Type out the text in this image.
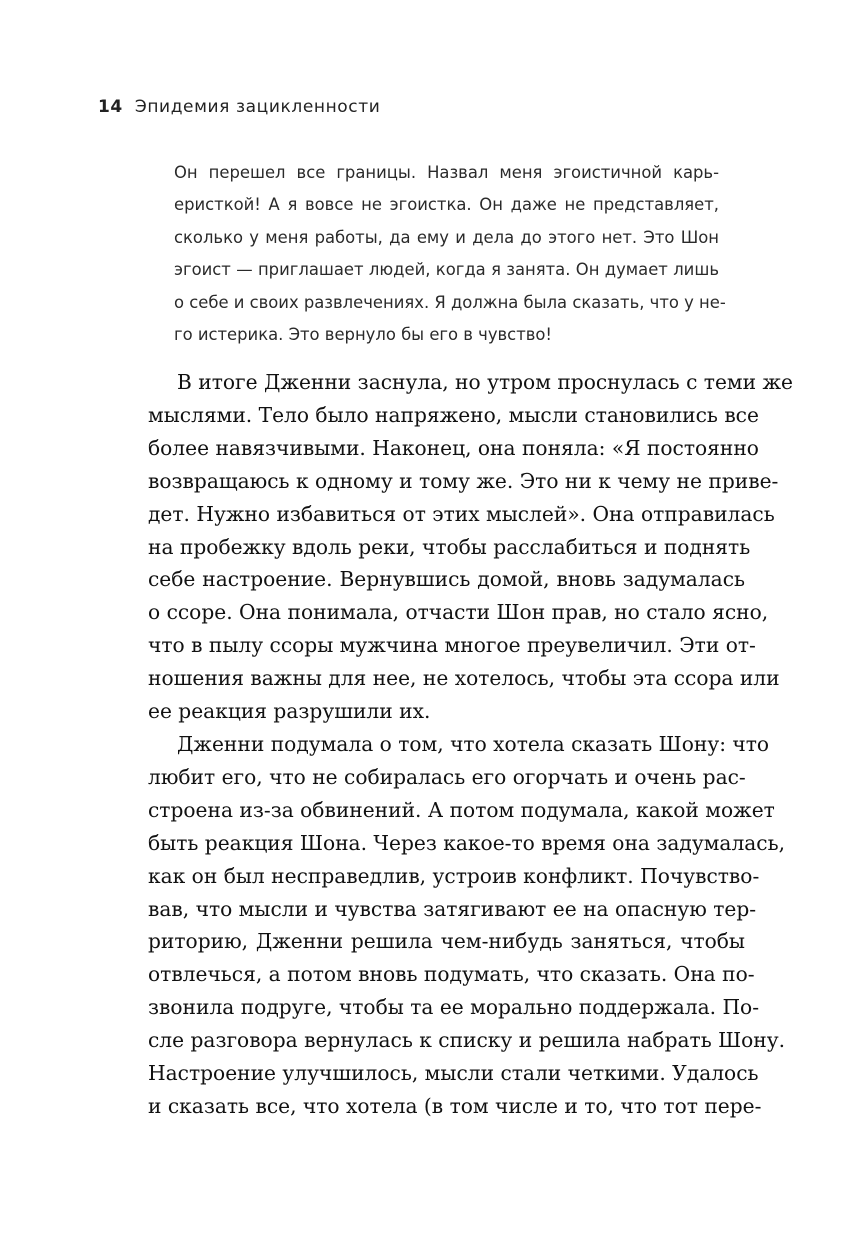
14 Эпидемия зацикленности
Он перешел все границы. Назвал меня эгоистичной карь-
еристкой! А я вовсе не эгоистка. Он даже не представляет,
сколько у меня работы, да ему и дела до этого нет. Это Шон
эгоист — приглашает людей, когда я занята. Он думает лишь
о себе и своих развлечениях. Я должна была сказать, что у не-
го истерика. Это вернуло бы его в чувство!
В итоге Дженни заснула, но утром проснулась с теми же
мыслями. Тело было напряжено, мысли становились все
более навязчивыми. Наконец, она поняла: «Я постоянно
возвращаюсь к одному и тому же. Это ни к чему не приве-
дет. Нужно избавиться от этих мыслей». Она отправилась
на пробежку вдоль реки, чтобы расслабиться и поднять
себе настроение. Вернувшись домой, вновь задумалась
о ссоре. Она понимала, отчасти Шон прав, но стало ясно,
что в пылу ссоры мужчина многое преувеличил. Эти от-
ношения важны для нее, не хотелось, чтобы эта ссора или
ее реакция разрушили их.
Дженни подумала о том, что хотела сказать Шону: что
любит его, что не собиралась его огорчать и очень рас-
строена из-за обвинений. А потом подумала, какой может
быть реакция Шона. Через какое-то время она задумалась,
как он был несправедлив, устроив конфликт. Почувство-
вав, что мысли и чувства затягивают ее на опасную тер-
риторию, Дженни решила чем-нибудь заняться, чтобы
отвлечься, а потом вновь подумать, что сказать. Она по-
звонила подруге, чтобы та ее морально поддержала. По-
сле разговора вернулась к списку и решила набрать Шону.
Настроение улучшилось, мысли стали четкими. Удалось
и сказать все, что хотела (в том числе и то, что тот пере-
